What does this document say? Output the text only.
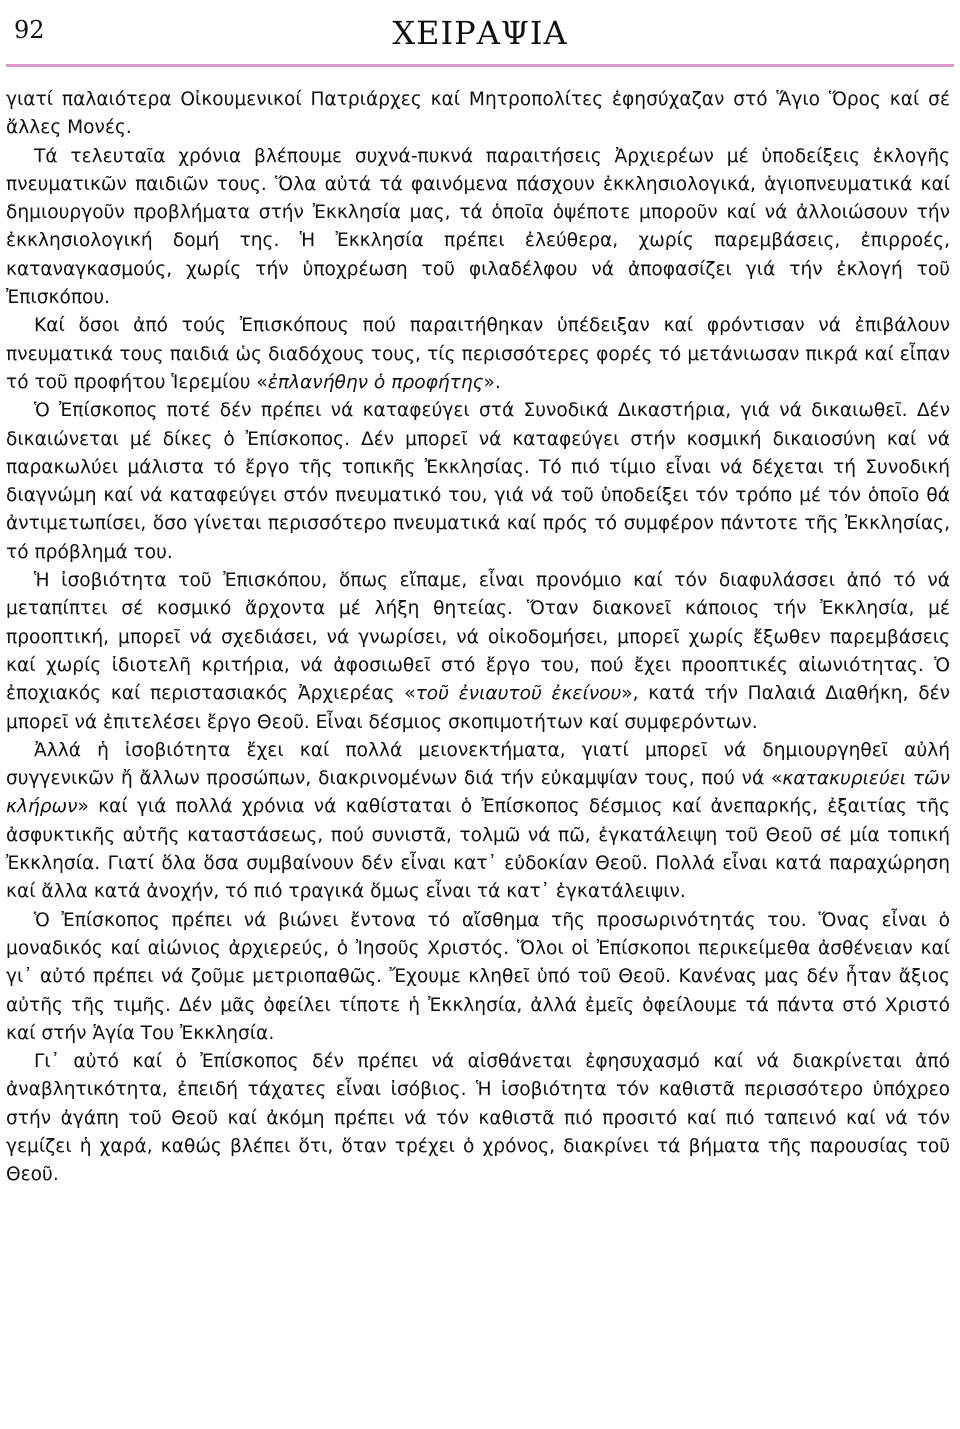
92	ΧΕΙΡΑΨΙΑ

γιατί παλαιότερα Οἰκουμενικοί Πατριάρχες καί Μητροπολίτες ἐφησύχαζαν στό Ἅγιο Ὅρος καί σέ ἄλλες Μονές.

Τά τελευταῖα χρόνια βλέπουμε συχνά-πυκνά παραιτήσεις Ἀρχιερέων μέ ὑποδείξεις ἐκλογῆς πνευματικῶν παιδιῶν τους. Ὅλα αὐτά τά φαινόμενα πάσχουν ἐκκλησιολογικά, ἁγιοπνευματικά καί δημιουργοῦν προβλήματα στήν Ἐκκλησία μας, τά ὁποῖα ὁψέποτε μποροῦν καί νά ἀλλοιώσουν τήν ἐκκλησιολογική δομή της. Ἡ Ἐκκλησία πρέπει ἐλεύθερα, χωρίς παρεμβάσεις, ἐπιρροές, καταναγκασμούς, χωρίς τήν ὑποχρέωση τοῦ φιλαδέλφου νά ἀποφασίζει γιά τήν ἐκλογή τοῦ Ἐπισκόπου.

Καί ὅσοι ἀπό τούς Ἐπισκόπους πού παραιτήθηκαν ὑπέδειξαν καί φρόντισαν νά ἐπιβάλουν πνευματικά τους παιδιά ὡς διαδόχους τους, τίς περισσότερες φορές τό μετάνιωσαν πικρά καί εἶπαν τό τοῦ προφήτου Ἱερεμίου «ἐπλανήθην ὁ προφήτης».

Ὁ Ἐπίσκοπος ποτέ δέν πρέπει νά καταφεύγει στά Συνοδικά Δικαστήρια, γιά νά δικαιωθεῖ. Δέν δικαιώνεται μέ δίκες ὁ Ἐπίσκοπος. Δέν μπορεῖ νά καταφεύγει στήν κοσμική δικαιοσύνη καί νά παρακωλύει μάλιστα τό ἔργο τῆς τοπικῆς Ἐκκλησίας. Τό πιό τίμιο εἶναι νά δέχεται τή Συνοδική διαγνώμη καί νά καταφεύγει στόν πνευματικό του, γιά νά τοῦ ὑποδείξει τόν τρόπο μέ τόν ὁποῖο θά ἀντιμετωπίσει, ὅσο γίνεται περισσότερο πνευματικά καί πρός τό συμφέρον πάντοτε τῆς Ἐκκλησίας, τό πρόβλημά του.

Ἡ ἰσοβιότητα τοῦ Ἐπισκόπου, ὅπως εἴπαμε, εἶναι προνόμιο καί τόν διαφυλάσσει ἀπό τό νά μεταπίπτει σέ κοσμικό ἄρχοντα μέ λήξη θητείας. Ὅταν διακονεῖ κάποιος τήν Ἐκκλησία, μέ προοπτική, μπορεῖ νά σχεδιάσει, νά γνωρίσει, νά οἰκοδομήσει, μπορεῖ χωρίς ἔξωθεν παρεμβάσεις καί χωρίς ἰδιοτελῆ κριτήρια, νά ἀφοσιωθεῖ στό ἔργο του, πού ἔχει προοπτικές αἰωνιότητας. Ὁ ἐποχιακός καί περιστασιακός Ἀρχιερέας «τοῦ ἐνιαυτοῦ ἐκείνου», κατά τήν Παλαιά Διαθήκη, δέν μπορεῖ νά ἐπιτελέσει ἔργο Θεοῦ. Εἶναι δέσμιος σκοπιμοτήτων καί συμφερόντων.

Ἀλλά ἡ ἰσοβιότητα ἔχει καί πολλά μειονεκτήματα, γιατί μπορεῖ νά δημιουργηθεῖ αὐλή συγγενικῶν ἤ ἄλλων προσώπων, διακρινομένων διά τήν εὐκαμψίαν τους, πού νά «κατακυριεύει τῶν κλήρων» καί γιά πολλά χρόνια νά καθίσταται ὁ Ἐπίσκοπος δέσμιος καί ἀνεπαρκής, ἐξαιτίας τῆς ἀσφυκτικῆς αὐτῆς καταστάσεως, πού συνιστᾶ, τολμῶ νά πῶ, ἐγκατάλειψη τοῦ Θεοῦ σέ μία τοπική Ἐκκλησία. Γιατί ὅλα ὅσα συμβαίνουν δέν εἶναι κατ᾿ εὐδοκίαν Θεοῦ. Πολλά εἶναι κατά παραχώρηση καί ἄλλα κατά ἀνοχήν, τό πιό τραγικά ὅμως εἶναι τά κατ᾿ ἐγκατάλειψιν.

Ὁ Ἐπίσκοπος πρέπει νά βιώνει ἔντονα τό αἴσθημα τῆς προσωρινότητάς του. Ὅνας εἶναι ὁ μοναδικός καί αἰώνιος ἀρχιερεύς, ὁ Ἰησοῦς Χριστός. Ὅλοι οἱ Ἐπίσκοποι περικείμεθα ἀσθένειαν καί γι᾿ αὐτό πρέπει νά ζοῦμε μετριοπαθῶς. Ἔχουμε κληθεῖ ὑπό τοῦ Θεοῦ. Κανένας μας δέν ἦταν ἄξιος αὐτῆς τῆς τιμῆς. Δέν μᾶς ὀφείλει τίποτε ἡ Ἐκκλησία, ἀλλά ἐμεῖς ὀφείλουμε τά πάντα στό Χριστό καί στήν Ἁγία Του Ἐκκλησία.

Γι᾿ αὐτό καί ὁ Ἐπίσκοπος δέν πρέπει νά αἰσθάνεται ἐφησυχασμό καί νά διακρίνεται ἀπό ἀναβλητικότητα, ἐπειδή τάχατες εἶναι ἰσόβιος. Ἡ ἰσοβιότητα τόν καθιστᾶ περισσότερο ὑπόχρεο στήν ἀγάπη τοῦ Θεοῦ καί ἀκόμη πρέπει νά τόν καθιστᾶ πιό προσιτό καί πιό ταπεινό καί νά τόν γεμίζει ἡ χαρά, καθώς βλέπει ὅτι, ὅταν τρέχει ὁ χρόνος, διακρίνει τά βήματα τῆς παρουσίας τοῦ Θεοῦ.
